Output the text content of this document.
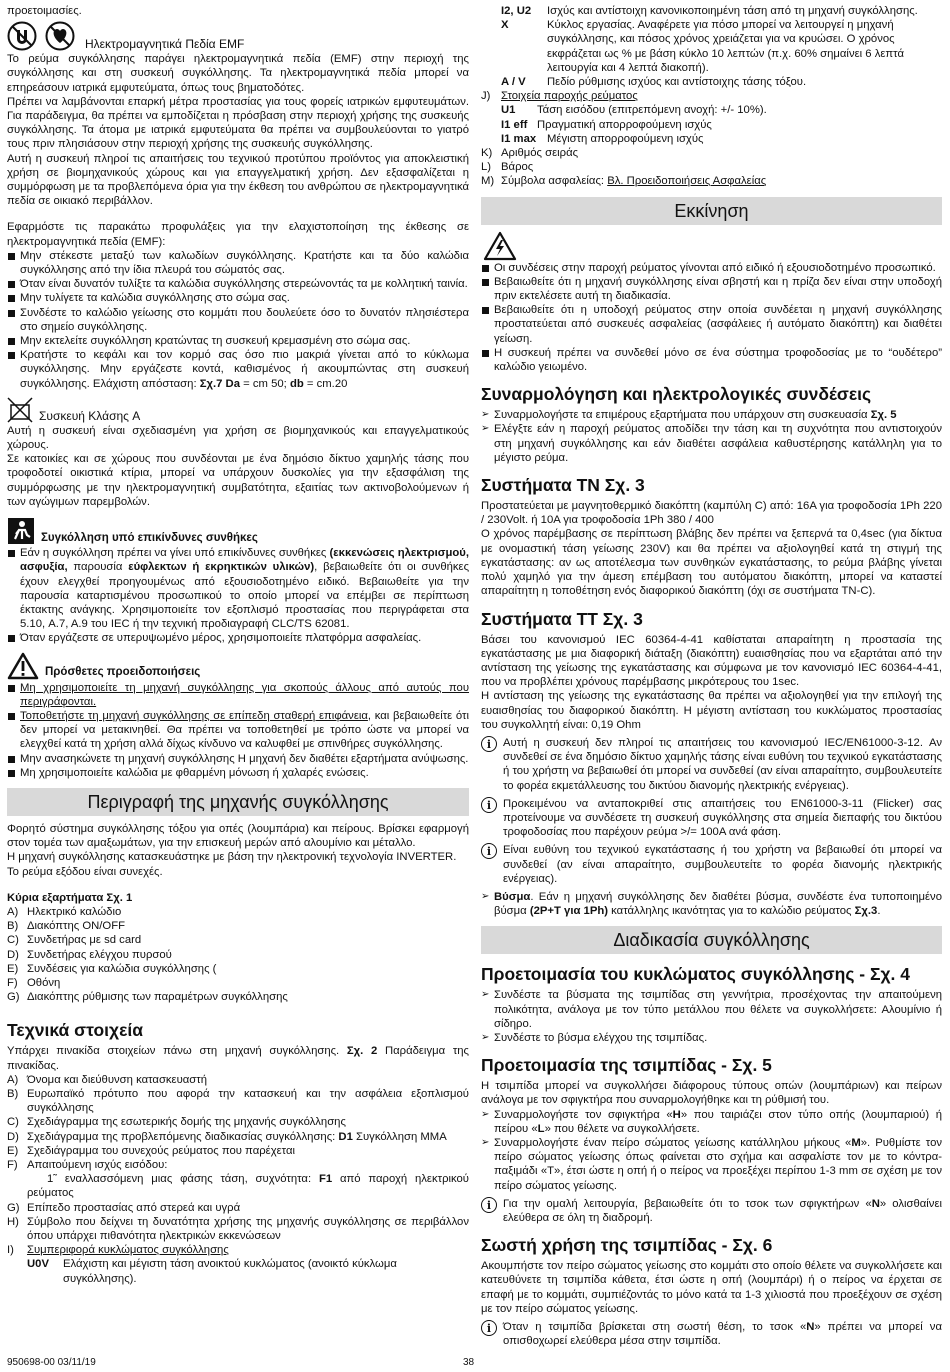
προετοιμασίες.

Ηλεκτρομαγνητικά Πεδία EMF

Το ρεύμα συγκόλλησης παράγει ηλεκτρομαγνητικά πεδία (EMF) στην περιοχή της συγκόλλησης και στη συσκευή συγκόλλησης. Τα ηλεκτρομαγνητικά πεδία μπορεί να επηρεάσουν ιατρικά εμφυτεύματα, όπως τους βηματοδότες.

Πρέπει να λαμβάνονται επαρκή μέτρα προστασίας για τους φορείς ιατρικών εμφυτευμάτων. Για παράδειγμα, θα πρέπει να εμποδίζεται η πρόσβαση στην περιοχή χρήσης της συσκευής συγκόλλησης. Τα άτομα με ιατρικά εμφυτεύματα θα πρέπει να συμβουλεύονται το γιατρό τους πριν πλησιάσουν στην περιοχή χρήσης της συσκευής συγκόλλησης.

Αυτή η συσκευή πληροί τις απαιτήσεις του τεχνικού προτύπου προϊόντος για αποκλειστική χρήση σε βιομηχανικούς χώρους και για επαγγελματική χρήση. Δεν εξασφαλίζεται η συμμόρφωση με τα προβλεπόμενα όρια για την έκθεση του ανθρώπου σε ηλεκτρομαγνητικά πεδία σε οικιακό περιβάλλον.

Εφαρμόστε τις παρακάτω προφυλάξεις για την ελαχιστοποίηση της έκθεσης σε ηλεκτρομαγνητικά πεδία (EMF):

Μην στέκεστε μεταξύ των καλωδίων συγκόλλησης. Κρατήστε και τα δύο καλώδια συγκόλλησης από την ίδια πλευρά του σώματός σας.
Όταν είναι δυνατόν τυλίξτε τα καλώδια συγκόλλησης στερεώνοντάς τα με κολλητική ταινία.
Μην τυλίγετε τα καλώδια συγκόλλησης στο σώμα σας.
Συνδέστε το καλώδιο γείωσης στο κομμάτι που δουλεύετε όσο το δυνατόν πλησιέστερα στο σημείο συγκόλλησης.
Μην εκτελείτε συγκόλληση κρατώντας τη συσκευή κρεμασμένη στο σώμα σας.
Κρατήστε το κεφάλι και τον κορμό σας όσο πιο μακριά γίνεται από το κύκλωμα συγκόλλησης. Μην εργάζεστε κοντά, καθισμένος ή ακουμπώντας στη συσκευή συγκόλλησης. Ελάχιστη απόσταση: Σχ.7 Da = cm 50; db = cm.20
Συσκευή Κλάσης A

Αυτή η συσκευή είναι σχεδιασμένη για χρήση σε βιομηχανικούς και επαγγελματικούς χώρους.

Σε κατοικίες και σε χώρους που συνδέονται με ένα δημόσιο δίκτυο χαμηλής τάσης που τροφοδοτεί οικιστικά κτίρια, μπορεί να υπάρχουν δυσκολίες για την εξασφάλιση της συμμόρφωσης με την ηλεκτρομαγνητική συμβατότητα, εξαιτίας των ακτινοβολούμενων ή των αγώγιμων παρεμβολών.

Συγκόλληση υπό επικίνδυνες συνθήκες
Εάν η συγκόλληση πρέπει να γίνει υπό επικίνδυνες συνθήκες (εκκενώσεις ηλεκτρισμού, ασφυξία, παρουσία εύφλεκτων ή εκρηκτικών υλικών), βεβαιωθείτε ότι οι συνθήκες έχουν ελεγχθεί προηγουμένως από εξουσιοδοτημένο ειδικό. Βεβαιωθείτε για την παρουσία καταρτισμένου προσωπικού το οποίο μπορεί να επέμβει σε περίπτωση έκτακτης ανάγκης. Χρησιμοποιείτε τον εξοπλισμό προστασίας που περιγράφεται στα 5.10, A.7, A.9 του IEC ή την τεχνική προδιαγραφή CLC/TS 62081.
Όταν εργάζεστε σε υπερυψωμένο μέρος, χρησιμοποιείτε πλατφόρμα ασφαλείας.
Πρόσθετες προειδοποιήσεις
Μη χρησιμοποιείτε τη μηχανή συγκόλλησης για σκοπούς άλλους από αυτούς που περιγράφονται.
Τοποθετήστε τη μηχανή συγκόλλησης σε επίπεδη σταθερή επιφάνεια, και βεβαιωθείτε ότι δεν μπορεί να μετακινηθεί. Θα πρέπει να τοποθετηθεί με τρόπο ώστε να μπορεί να ελεγχθεί κατά τη χρήση αλλά δίχως κίνδυνο να καλυφθεί με σπινθήρες συγκόλλησης.
Μην ανασηκώνετε τη μηχανή συγκόλλησης Η μηχανή δεν διαθέτει εξαρτήματα ανύψωσης.
Μη χρησιμοποιείτε καλώδια με φθαρμένη μόνωση ή χαλαρές ενώσεις.
Περιγραφή της μηχανής συγκόλλησης

Φορητό σύστημα συγκόλλησης τόξου για οπές (λουμπάρια) και πείρους. Βρίσκει εφαρμογή στον τομέα των αμαξωμάτων, για την επισκευή μερών από αλουμίνιο και μέταλλο.

Η μηχανή συγκόλλησης κατασκευάστηκε με βάση την ηλεκτρονική τεχνολογία INVERTER.

Το ρεύμα εξόδου είναι συνεχές.

Κύρια εξαρτήματα Σχ. 1

A) Ηλεκτρικό καλώδιο
B) Διακόπτης ON/OFF
C) Συνδετήρας με sd card
D) Συνδετήρας ελέγχου πυρσού
E) Συνδέσεις για καλώδια συγκόλλησης (
F) Οθόνη
G) Διακόπτης ρύθμισης των παραμέτρων συγκόλλησης
Τεχνικά στοιχεία

Υπάρχει πινακίδα στοιχείων πάνω στη μηχανή συγκόλλησης. Σχ. 2 Παράδειγμα της πινακίδας.

A) Όνομα και διεύθυνση κατασκευαστή
B) Ευρωπαϊκό πρότυπο που αφορά την κατασκευή και την ασφάλεια εξοπλισμού συγκόλλησης
C) Σχεδιάγραμμα της εσωτερικής δομής της μηχανής συγκόλλησης
D) Σχεδιάγραμμα της προβλεπόμενης διαδικασίας συγκόλλησης: D1 Συγκόλληση MMA
E) Σχεδιάγραμμα του συνεχούς ρεύματος που παρέχεται
F) Απαιτούμενη ισχύς εισόδου:
1˜ εναλλασσόμενη μιας φάσης τάση, συχνότητα: F1 από παροχή ηλεκτρικού ρεύματος
G) Επίπεδο προστασίας από στερεά και υγρά
H) Σύμβολο που δείχνει τη δυνατότητα χρήσης της μηχανής συγκόλλησης σε περιβάλλον όπου υπάρχει πιθανότητα ηλεκτρικών εκκενώσεων
I) Συμπεριφορά κυκλώματος συγκόλλησης
U0V	Ελάχιστη και μέγιστη τάση ανοικτού κυκλώματος (ανοικτό κύκλωμα συγκόλλησης).
I2, U2	Ισχύς και αντίστοιχη κανονικοποιημένη τάση από τη μηχανή συγκόλλησης.
X	Κύκλος εργασίας. Αναφέρετε για πόσο μπορεί να λειτουργεί η μηχανή συγκόλλησης, και πόσος χρόνος χρειάζεται για να κρυώσει. Ο χρόνος εκφράζεται ως % με βάση κύκλο 10 λεπτών (π.χ. 60% σημαίνει 6 λεπτά λειτουργία και 4 λεπτά διακοπή).
A / V	Πεδίο ρύθμισης ισχύος και αντίστοιχης τάσης τόξου.
J) Στοιχεία παροχής ρεύματος
U1	Τάση εισόδου (επιτρεπόμενη ανοχή: +/- 10%).
I1 eff Πραγματική απορροφούμενη ισχύς
I1 max Μέγιστη απορροφούμενη ισχύς
K) Αριθμός σειράς
L) Βάρος
M) Σύμβολα ασφαλείας: Βλ. Προειδοποιήσεις Ασφαλείας
Εκκίνηση
Οι συνδέσεις στην παροχή ρεύματος γίνονται από ειδικό ή εξουσιοδοτημένο προσωπικό.
Βεβαιωθείτε ότι η μηχανή συγκόλλησης είναι σβηστή και η πρίζα δεν είναι στην υποδοχή πριν εκτελέσετε αυτή τη διαδικασία.
Βεβαιωθείτε ότι η υποδοχή ρεύματος στην οποία συνδέεται η μηχανή συγκόλλησης προστατεύεται από συσκευές ασφαλείας (ασφάλειες ή αυτόματο διακόπτη) και διαθέτει γείωση.
Η συσκευή πρέπει να συνδεθεί μόνο σε ένα σύστημα τροφοδοσίας με το “ουδέτερο” καλώδιο γειωμένο.
Συναρμολόγηση και ηλεκτρολογικές συνδέσεις
➢ Συναρμολογήστε τα επιμέρους εξαρτήματα που υπάρχουν στη συσκευασία Σχ. 5
➢ Ελέγξτε εάν η παροχή ρεύματος αποδίδει την τάση και τη συχνότητα που αντιστοιχούν στη μηχανή συγκόλλησης και εάν διαθέτει ασφάλεια καθυστέρησης κατάλληλη για το μέγιστο ρεύμα.
Συστήματα TN Σχ. 3

Προστατεύεται με μαγνητοθερμικό διακόπτη (καμπύλη C) από: 16A για τροφοδοσία 1Ph 220 / 230Volt. ή 10A για τροφοδοσία 1Ph 380 / 400

Ο χρόνος παρέμβασης σε περίπτωση βλάβης δεν πρέπει να ξεπερνά τα 0,4sec (για δίκτυα με ονομαστική τάση γείωσης 230V) και θα πρέπει να αξιολογηθεί κατά τη στιγμή της εγκατάστασης: αν ως αποτέλεσμα των συνθηκών εγκατάστασης, το ρεύμα βλάβης γίνεται πολύ χαμηλό για την άμεση επέμβαση του αυτόματου διακόπτη, μπορεί να καταστεί απαραίτητη η τοποθέτηση ενός διαφορικού διακόπτη (όχι σε συστήματα TN-C).

Συστήματα TT Σχ. 3

Βάσει του κανονισμού IEC 60364-4-41 καθίσταται απαραίτητη η προστασία της εγκατάστασης με μια διαφορική διάταξη (διακόπτη) ευαισθησίας που να εξαρτάται από την αντίσταση της γείωσης της εγκατάστασης και σύμφωνα με τον κανονισμό IEC 60364-4-41, που να προβλέπει χρόνους παρέμβασης μικρότερους του 1sec.

Η αντίσταση της γείωσης της εγκατάστασης θα πρέπει να αξιολογηθεί για την επιλογή της ευαισθησίας του διαφορικού διακόπτη. Η μέγιστη αντίσταση του κυκλώματος προστασίας του συγκολλητή είναι: 0,19 Ohm

i	Αυτή η συσκευή δεν πληροί τις απαιτήσεις του κανονισμού IEC/EN61000-3-12. Αν συνδεθεί σε ένα δημόσιο δίκτυο χαμηλής τάσης είναι ευθύνη του τεχνικού εγκατάστασης ή του χρήστη να βεβαιωθεί ότι μπορεί να συνδεθεί (αν είναι απαραίτητο, συμβουλευτείτε το φορέα εκμετάλλευσης του δικτύου διανομής ηλεκτρικής ενέργειας).

i	Προκειμένου να ανταποκριθεί στις απαιτήσεις του EN61000-3-11 (Flicker) σας προτείνουμε να συνδέσετε τη συσκευή συγκόλλησης στα σημεία διεπαφής του δικτύου τροφοδοσίας που παρέχουν ρεύμα >/= 100A ανά φάση.

i	Είναι ευθύνη του τεχνικού εγκατάστασης ή του χρήστη να βεβαιωθεί ότι μπορεί να συνδεθεί (αν είναι απαραίτητο, συμβουλευτείτε το φορέα διανομής ηλεκτρικής ενέργειας).

➢ Βύσμα. Εάν η μηχανή συγκόλλησης δεν διαθέτει βύσμα, συνδέστε ένα τυποποιημένο βύσμα (2P+T για 1Ph) κατάλληλης ικανότητας για το καλώδιο ρεύματος Σχ.3.
Διαδικασία συγκόλλησης
Προετοιμασία του κυκλώματος συγκόλλησης - Σχ. 4
➢ Συνδέστε τα βύσματα της τσιμπίδας στη γεννήτρια, προσέχοντας την απαιτούμενη πολικότητα, ανάλογα με τον τύπο μετάλλου που θέλετε να συγκολλήσετε: Αλουμίνιο ή σίδηρο.
➢ Συνδέστε το βύσμα ελέγχου της τσιμπίδας.
Προετοιμασία της τσιμπίδας - Σχ. 5

Η τσιμπίδα μπορεί να συγκολλήσει διάφορους τύπους οπών (λουμπάριων) και πείρων ανάλογα με τον σφιγκτήρα που συναρμολογήθηκε και τη ρύθμισή του.

➢ Συναρμολογήστε τον σφιγκτήρα «H» που ταιριάζει στον τύπο οπής (λουμπαριού) ή πείρου «L» που θέλετε να συγκολλήσετε.
➢ Συναρμολογήστε έναν πείρο σώματος γείωσης κατάλληλου μήκους «M». Ρυθμίστε τον πείρο σώματος γείωσης όπως φαίνεται στο σχήμα και ασφαλίστε τον με το κόντρα-παξιμάδι «T», έτσι ώστε η οπή ή ο πείρος να προεξέχει περίπου 1-3 mm σε σχέση με τον πείρο σώματος γείωσης.
i	Για την ομαλή λειτουργία, βεβαιωθείτε ότι το τσοκ των σφιγκτήρων «N» ολισθαίνει ελεύθερα σε όλη τη διαδρομή.

Σωστή χρήση της τσιμπίδας - Σχ. 6

Ακουμπήστε τον πείρο σώματος γείωσης στο κομμάτι στο οποίο θέλετε να συγκολλήσετε και κατευθύνετε τη τσιμπίδα κάθετα, έτσι ώστε η οπή (λουμπάρι) ή ο πείρος να έρχεται σε επαφή με το κομμάτι, συμπιέζοντάς το μόνο κατά τα 1-3 χιλιοστά που προεξέχουν σε σχέση με τον πείρο σώματος γείωσης.

i	Όταν η τσιμπίδα βρίσκεται στη σωστή θέση, το τσοκ «N» πρέπει να μπορεί να οπισθοχωρεί ελεύθερα μέσα στην τσιμπίδα.

950698-00 03/11/19	38
